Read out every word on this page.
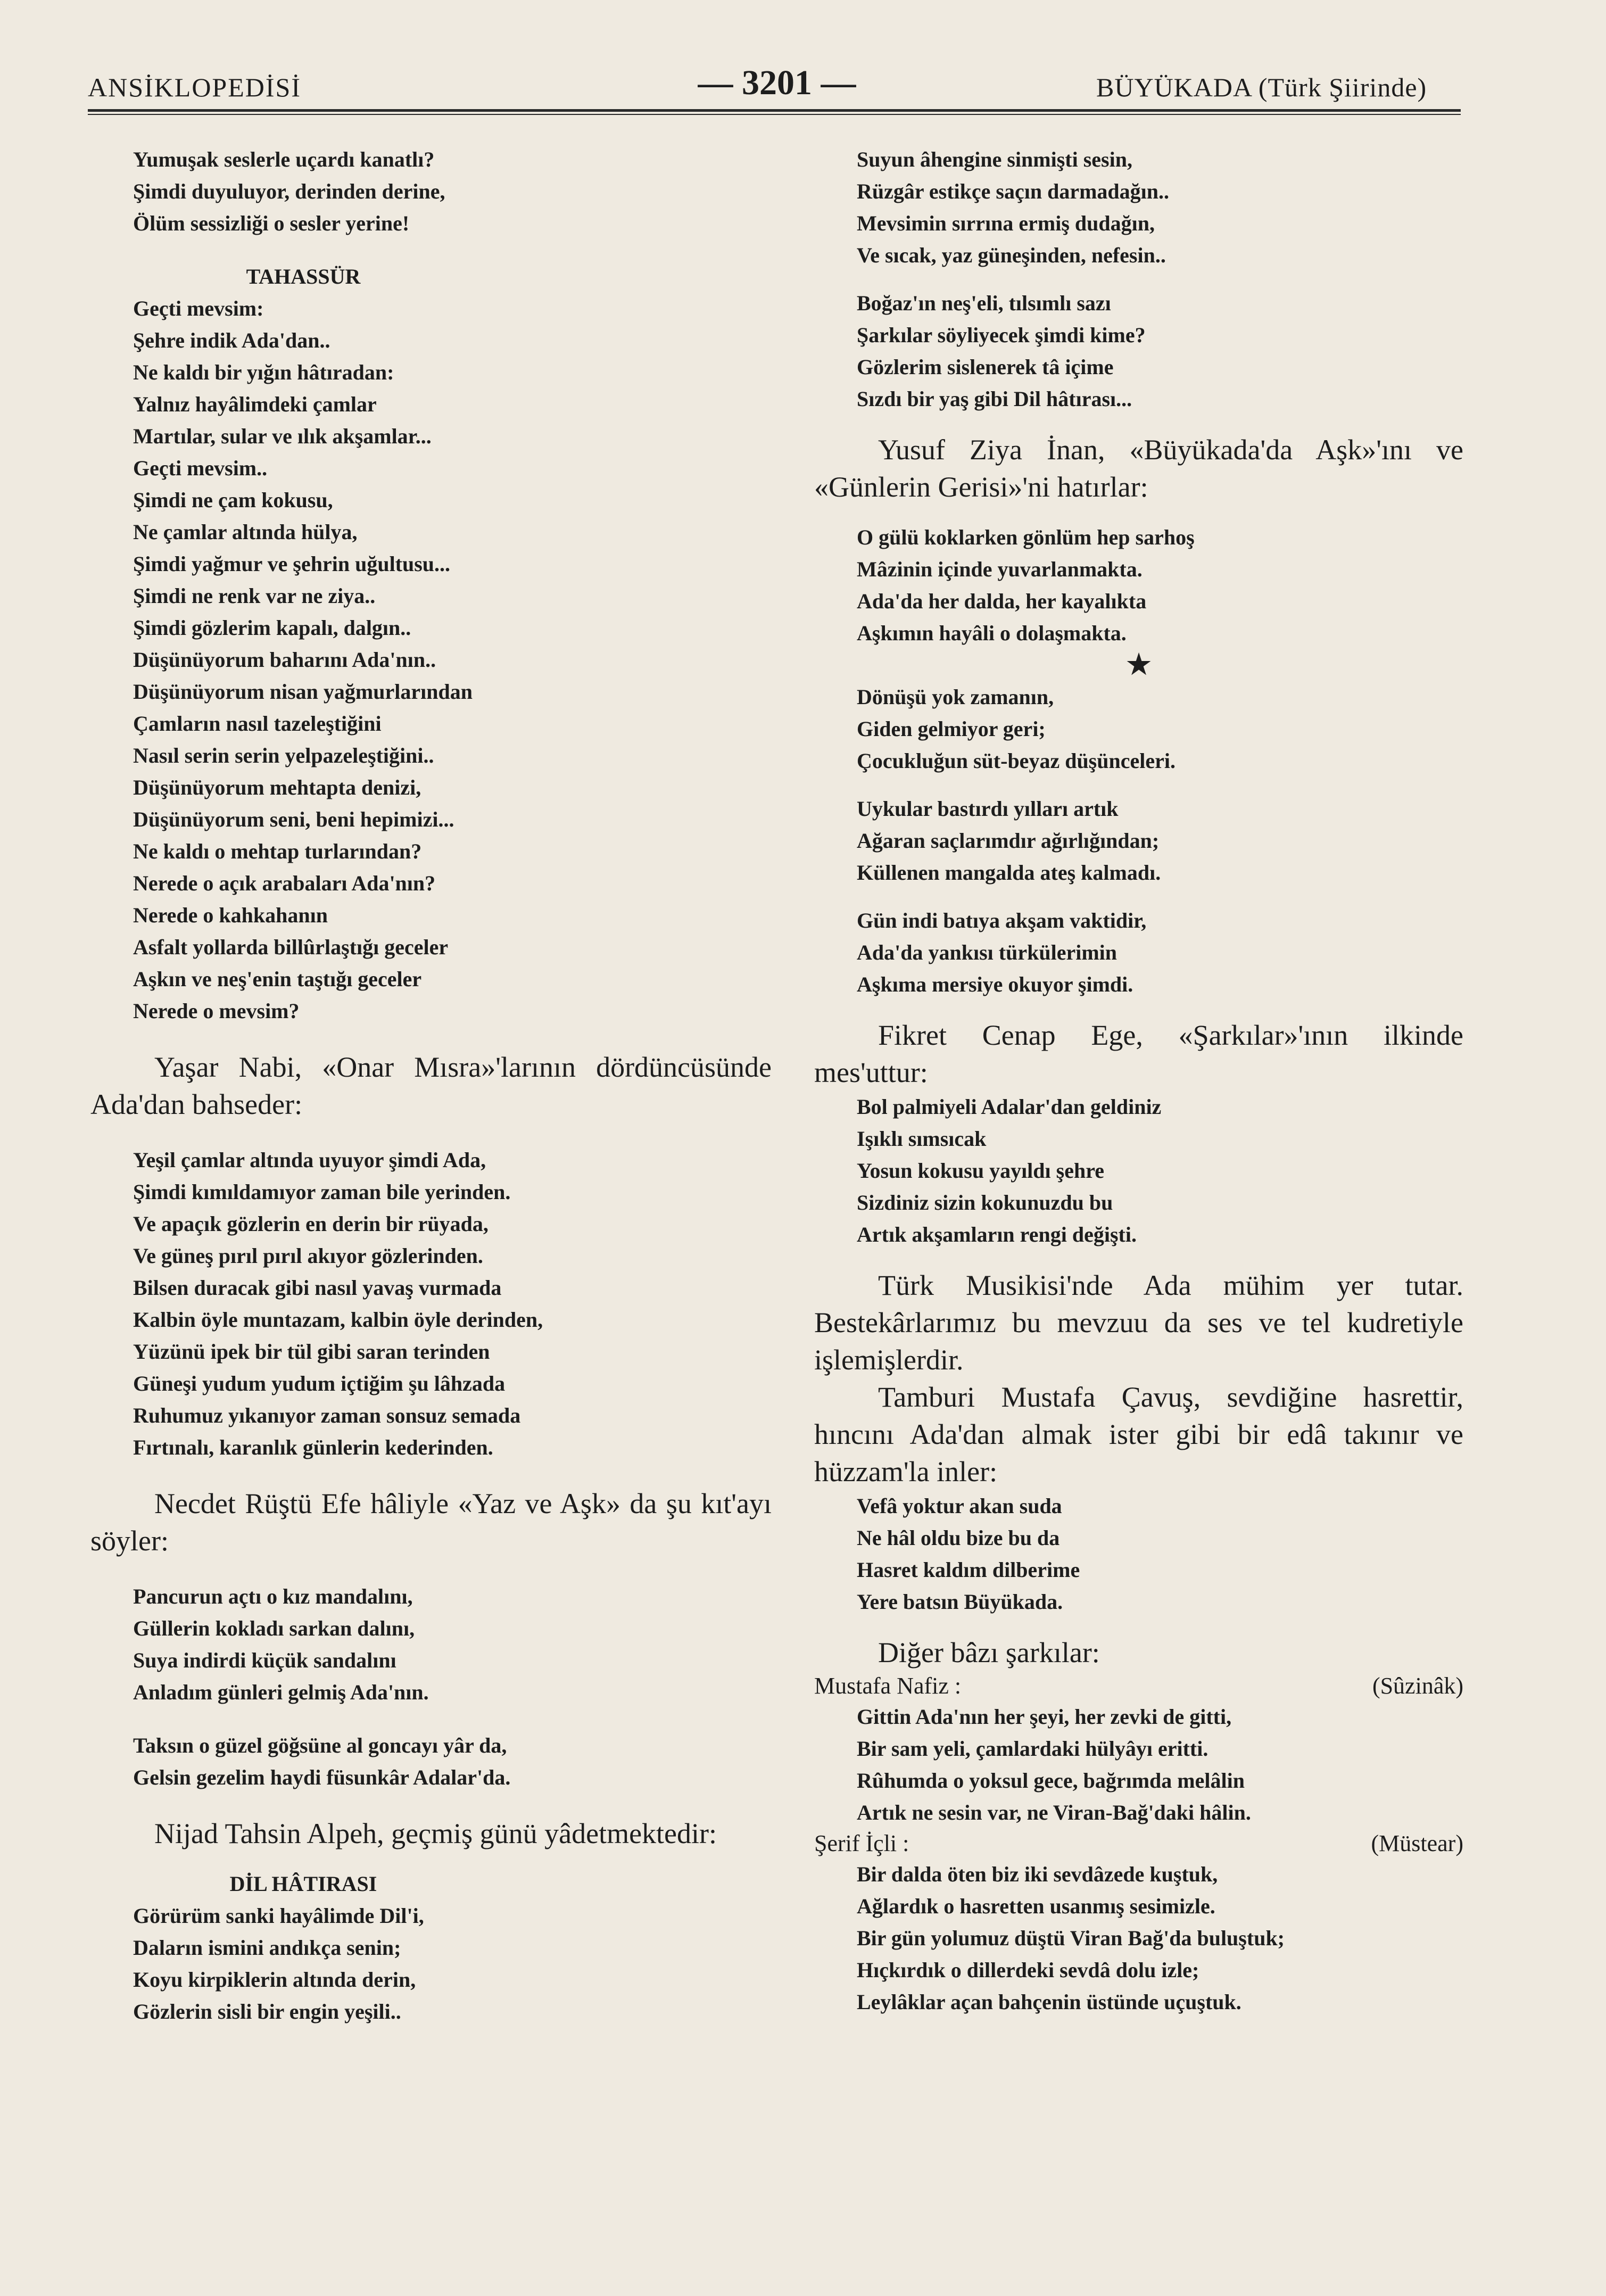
ANSİKLOPEDİSİ	— 3201 —	BÜYÜKADA (Türk Şiirinde)
Yumuşak seslerle uçardı kanatlı?
Şimdi duyuluyor, derinden derine,
Ölüm sessizliği o sesler yerine!
TAHASSÜR
Geçti mevsim:
Şehre indik Ada'dan..
Ne kaldı bir yığın hâtıradan:
Yalnız hayâlimdeki çamlar
Martılar, sular ve ılık akşamlar...
Geçti mevsim..
Şimdi ne çam kokusu,
Ne çamlar altında hülya,
Şimdi yağmur ve şehrin uğultusu...
Şimdi ne renk var ne ziya..
Şimdi gözlerim kapalı, dalgın..
Düşünüyorum baharını Ada'nın..
Düşünüyorum nisan yağmurlarından
Çamların nasıl tazeleştiğini
Nasıl serin serin yelpazeleştiğini..
Düşünüyorum mehtapta denizi,
Düşünüyorum seni, beni hepimizi...
Ne kaldı o mehtap turlarından?
Nerede o açık arabaları Ada'nın?
Nerede o kahkahanın
Asfalt yollarda billûrlaştığı geceler
Aşkın ve neş'enin taştığı geceler
Nerede o mevsim?
Yaşar Nabi, «Onar Mısra»'larının dördüncüsünde Ada'dan bahseder:
Yeşil çamlar altında uyuyor şimdi Ada,
Şimdi kımıldamıyor zaman bile yerinden.
Ve apaçık gözlerin en derin bir rüyada,
Ve güneş pırıl pırıl akıyor gözlerinden.
Bilsen duracak gibi nasıl yavaş vurmada
Kalbin öyle muntazam, kalbin öyle derinden,
Yüzünü ipek bir tül gibi saran terinden
Güneşi yudum yudum içtiğim şu lâhzada
Ruhumuz yıkanıyor zaman sonsuz semada
Fırtınalı, karanlık günlerin kederinden.
Necdet Rüştü Efe hâliyle «Yaz ve Aşk» da şu kıt'ayı söyler:
Pancurun açtı o kız mandalını,
Güllerin kokladı sarkan dalını,
Suya indirdi küçük sandalını
Anladım günleri gelmiş Ada'nın.
Taksın o güzel göğsüne al goncayı yâr da,
Gelsin gezelim haydi füsunkâr Adalar'da.
Nijad Tahsin Alpeh, geçmiş günü yâdetmektedir:
DİL HÂTIRASI
Görürüm sanki hayâlimde Dil'i,
Daların ismini andıkça senin;
Koyu kirpiklerin altında derin,
Gözlerin sisli bir engin yeşili..
Suyun âhengine sinmişti sesin,
Rüzgâr estikçe saçın darmadağın..
Mevsimin sırrına ermiş dudağın,
Ve sıcak, yaz güneşinden, nefesin..
Boğaz'ın neş'eli, tılsımlı sazı
Şarkılar söyliyecek şimdi kime?
Gözlerim sislenerek tâ içime
Sızdı bir yaş gibi Dil hâtırası...
Yusuf Ziya İnan, «Büyükada'da Aşk»'ını ve «Günlerin Gerisi»'ni hatırlar:
O gülü koklarken gönlüm hep sarhoş
Mâzinin içinde yuvarlanmakta.
Ada'da her dalda, her kayalıkta
Aşkımın hayâli o dolaşmakta.
★
Dönüşü yok zamanın,
Giden gelmiyor geri;
Çocukluğun süt-beyaz düşünceleri.
Uykular bastırdı yılları artık
Ağaran saçlarımdır ağırlığından;
Küllenen mangalda ateş kalmadı.
Gün indi batıya akşam vaktidir,
Ada'da yankısı türkülerimin
Aşkıma mersiye okuyor şimdi.
Fikret Cenap Ege, «Şarkılar»'ının ilkinde mes'uttur:
Bol palmiyeli Adalar'dan geldiniz
Işıklı sımsıcak
Yosun kokusu yayıldı şehre
Sizdiniz sizin kokunuzdu bu
Artık akşamların rengi değişti.
Türk Musikisi'nde Ada mühim yer tutar. Bestekârlarımız bu mevzuu da ses ve tel kudretiyle işlemişlerdir.
Tamburi Mustafa Çavuş, sevdiğine hasrettir, hıncını Ada'dan almak ister gibi bir edâ takınır ve hüzzam'la inler:
Vefâ yoktur akan suda
Ne hâl oldu bize bu da
Hasret kaldım dilberime
Yere batsın Büyükada.
Diğer bâzı şarkılar:
Mustafa Nafiz :	(Sûzinâk)
Gittin Ada'nın her şeyi, her zevki de gitti,
Bir sam yeli, çamlardaki hülyâyı eritti.
Rûhumda o yoksul gece, bağrımda melâlin
Artık ne sesin var, ne Viran-Bağ'daki hâlin.
Şerif İçli :	(Müstear)
Bir dalda öten biz iki sevdâzede kuştuk,
Ağlardık o hasretten usanmış sesimizle.
Bir gün yolumuz düştü Viran Bağ'da buluştuk;
Hıçkırdık o dillerdeki sevdâ dolu izle;
Leylâklar açan bahçenin üstünde uçuştuk.
